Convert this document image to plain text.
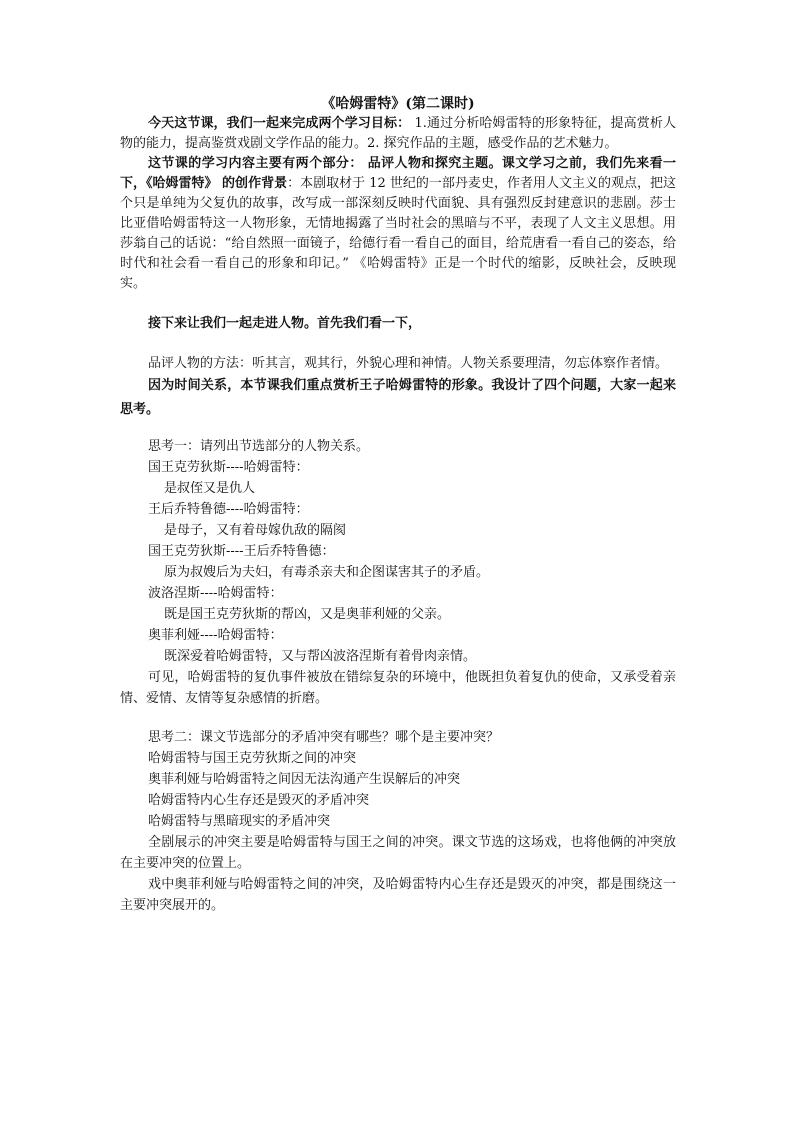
《哈姆雷特》(第二课时)

今天这节课，我们一起来完成两个学习目标： 1.通过分析哈姆雷特的形象特征，提高赏析人物的能力，提高鉴赏戏剧文学作品的能力。2. 探究作品的主题，感受作品的艺术魅力。

这节课的学习内容主要有两个部分： 品评人物和探究主题。课文学习之前，我们先来看一下，《哈姆雷特》 的创作背景：本剧取材于 12 世纪的一部丹麦史，作者用人文主义的观点，把这个只是单纯为父复仇的故事，改写成一部深刻反映时代面貌、具有强烈反封建意识的悲剧。莎士比亚借哈姆雷特这一人物形象，无情地揭露了当时社会的黑暗与不平，表现了人文主义思想。用莎翁自己的话说：“给自然照一面镜子，给德行看一看自己的面目，给荒唐看一看自己的姿态，给时代和社会看一看自己的形象和印记。” 《哈姆雷特》正是一个时代的缩影，反映社会，反映现实。

接下来让我们一起走进人物。首先我们看一下，

品评人物的方法：听其言，观其行，外貌心理和神情。人物关系要理清，勿忘体察作者情。

因为时间关系，本节课我们重点赏析王子哈姆雷特的形象。我设计了四个问题，大家一起来思考。

思考一：请列出节选部分的人物关系。

国王克劳狄斯----哈姆雷特：

是叔侄又是仇人

王后乔特鲁德----哈姆雷特：

是母子，又有着母嫁仇敌的隔阂

国王克劳狄斯----王后乔特鲁德：

原为叔嫂后为夫妇，有毒杀亲夫和企图谋害其子的矛盾。

波洛涅斯----哈姆雷特：

既是国王克劳狄斯的帮凶，又是奥菲利娅的父亲。

奥菲利娅----哈姆雷特：

既深爱着哈姆雷特，又与帮凶波洛涅斯有着骨肉亲情。

可见，哈姆雷特的复仇事件被放在错综复杂的环境中，他既担负着复仇的使命，又承受着亲情、爱情、友情等复杂感情的折磨。

思考二：课文节选部分的矛盾冲突有哪些？哪个是主要冲突？

哈姆雷特与国王克劳狄斯之间的冲突

奥菲利娅与哈姆雷特之间因无法沟通产生误解后的冲突

哈姆雷特内心生存还是毁灭的矛盾冲突

哈姆雷特与黑暗现实的矛盾冲突

全剧展示的冲突主要是哈姆雷特与国王之间的冲突。课文节选的这场戏，也将他俩的冲突放在主要冲突的位置上。

戏中奥菲利娅与哈姆雷特之间的冲突，及哈姆雷特内心生存还是毁灭的冲突，都是围绕这一主要冲突展开的。
